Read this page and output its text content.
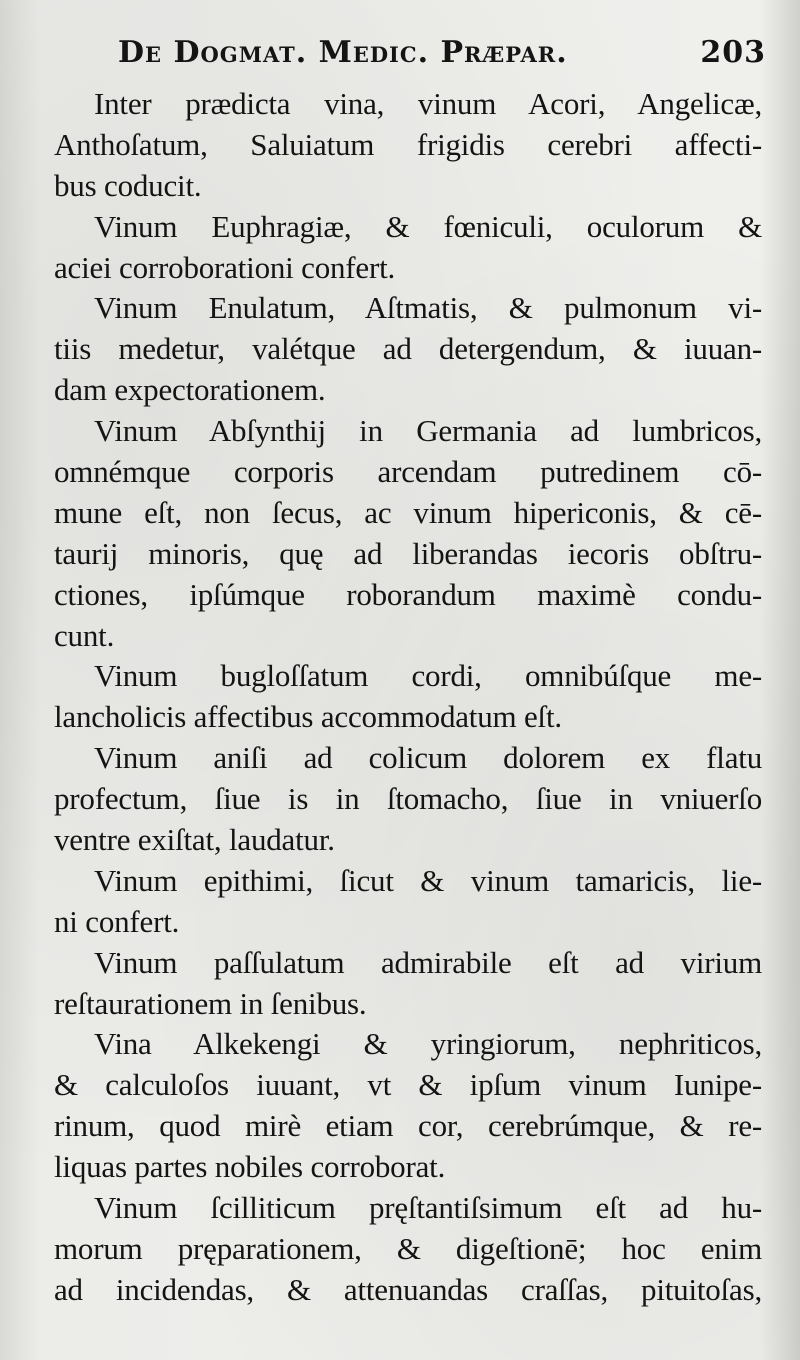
De Dogmat. Medic. Præpar.	203
Inter prædicta vina, vinum Acori, Angelicæ,
Anthoſatum, Saluiatum frigidis cerebri affecti-
bus coducit.
Vinum Euphragiæ, & fœniculi, oculorum &
aciei corroborationi confert.
Vinum Enulatum, Aſtmatis, & pulmonum vi-
tiis medetur, valétque ad detergendum, & iuuan-
dam expectorationem.
Vinum Abſynthij in Germania ad lumbricos,
omnémque corporis arcendam putredinem cō-
mune eſt, non ſecus, ac vinum hipericonis, & cē-
taurij minoris, quę ad liberandas iecoris obſtru-
ctiones, ipſúmque roborandum maximè condu-
cunt.
Vinum bugloſſatum cordi, omnibúſque me-
lancholicis affectibus accommodatum eſt.
Vinum aniſi ad colicum dolorem ex flatu
profectum, ſiue is in ſtomacho, ſiue in vniuerſo
ventre exiſtat, laudatur.
Vinum epithimi, ſicut & vinum tamaricis, lie-
ni confert.
Vinum paſſulatum admirabile eſt ad virium
reſtaurationem in ſenibus.
Vina Alkekengi & yringiorum, nephriticos,
& calculoſos iuuant, vt & ipſum vinum Iunipe-
rinum, quod mirè etiam cor, cerebrúmque, & re-
liquas partes nobiles corroborat.
Vinum ſcilliticum pręſtantiſsimum eſt ad hu-
morum pręparationem, & digeſtionē; hoc enim
ad incidendas, & attenuandas craſſas, pituitoſas,
